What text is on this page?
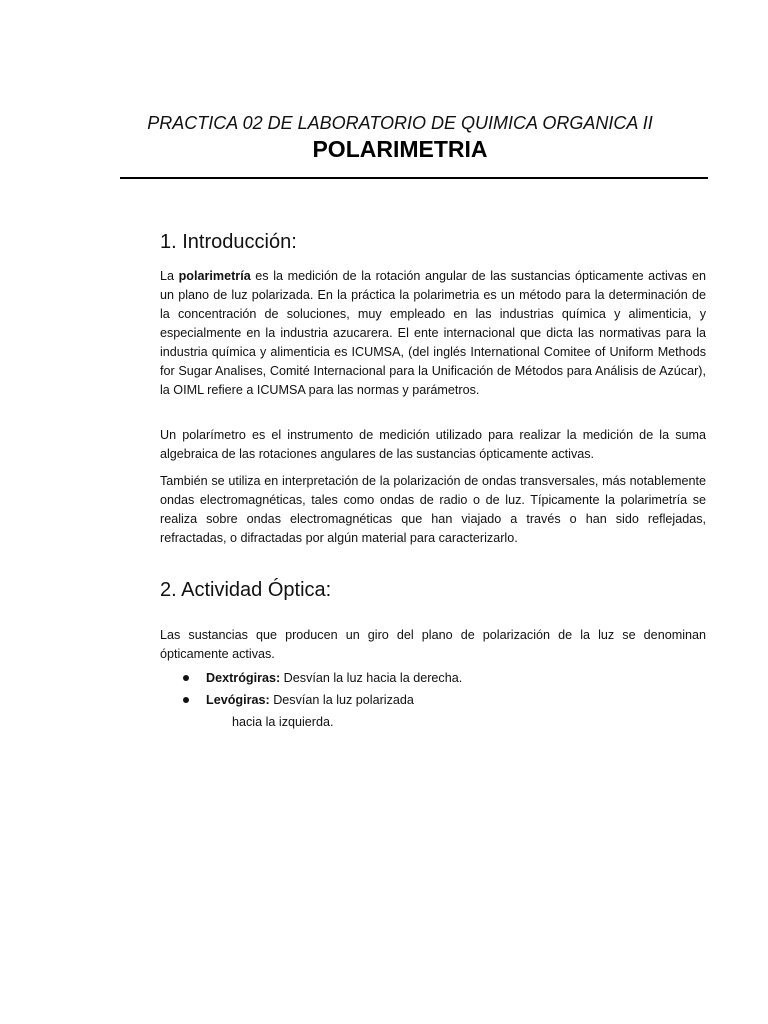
PRACTICA 02 DE LABORATORIO DE QUIMICA ORGANICA II
POLARIMETRIA
1. Introducción:

La polarimetría es la medición de la rotación angular de las sustancias ópticamente activas en un plano de luz polarizada. En la práctica la polarimetria es un método para la determinación de la concentración de soluciones, muy empleado en las industrias química y alimenticia, y especialmente en la industria azucarera. El ente internacional que dicta las normativas para la industria química y alimenticia es ICUMSA, (del inglés International Comitee of Uniform Methods for Sugar Analises, Comité Internacional para la Unificación de Métodos para Análisis de Azúcar), la OIML refiere a ICUMSA para las normas y parámetros.

Un polarímetro es el instrumento de medición utilizado para realizar la medición de la suma algebraica de las rotaciones angulares de las sustancias ópticamente activas.

También se utiliza en interpretación de la polarización de ondas transversales, más notablemente ondas electromagnéticas, tales como ondas de radio o de luz. Típicamente la polarimetría se realiza sobre ondas electromagnéticas que han viajado a través o han sido reflejadas, refractadas, o difractadas por algún material para caracterizarlo.

2. Actividad Óptica:

Las sustancias que producen un giro del plano de polarización de la luz se denominan ópticamente activas.

Dextrógiras: Desvían la luz hacia la derecha.
Levógiras: Desvían la luz polarizada
hacia la izquierda.
